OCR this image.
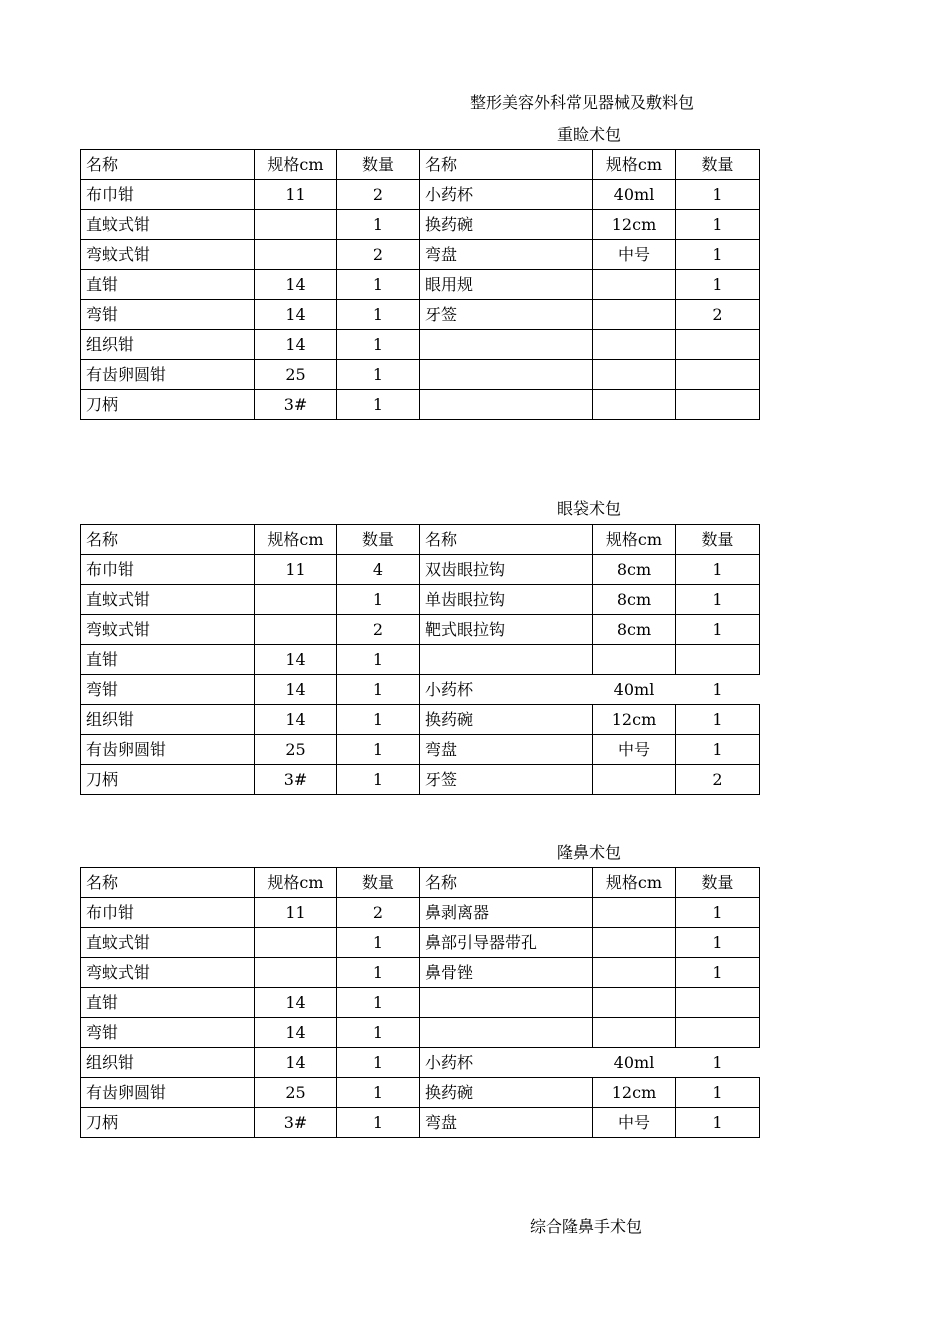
整形美容外科常见器械及敷料包
重睑术包
名称	规格cm	数量	名称	规格cm	数量
布巾钳	11	2	小药杯	40ml	1
直蚊式钳		1	换药碗	12cm	1
弯蚊式钳		2	弯盘	中号	1
直钳	14	1	眼用规		1
弯钳	14	1	牙签		2
组织钳	14	1			
有齿卵圆钳	25	1			
刀柄	3#	1			
眼袋术包
名称	规格cm	数量	名称	规格cm	数量
布巾钳	11	4	双齿眼拉钩	8cm	1
直蚊式钳		1	单齿眼拉钩	8cm	1
弯蚊式钳		2	靶式眼拉钩	8cm	1
直钳	14	1			
弯钳	14	1	小药杯	40ml	1
组织钳	14	1	换药碗	12cm	1
有齿卵圆钳	25	1	弯盘	中号	1
刀柄	3#	1	牙签		2
隆鼻术包
名称	规格cm	数量	名称	规格cm	数量
布巾钳	11	2	鼻剥离器		1
直蚊式钳		1	鼻部引导器带孔		1
弯蚊式钳		1	鼻骨锉		1
直钳	14	1			
弯钳	14	1			
组织钳	14	1	小药杯	40ml	1
有齿卵圆钳	25	1	换药碗	12cm	1
刀柄	3#	1	弯盘	中号	1
综合隆鼻手术包
